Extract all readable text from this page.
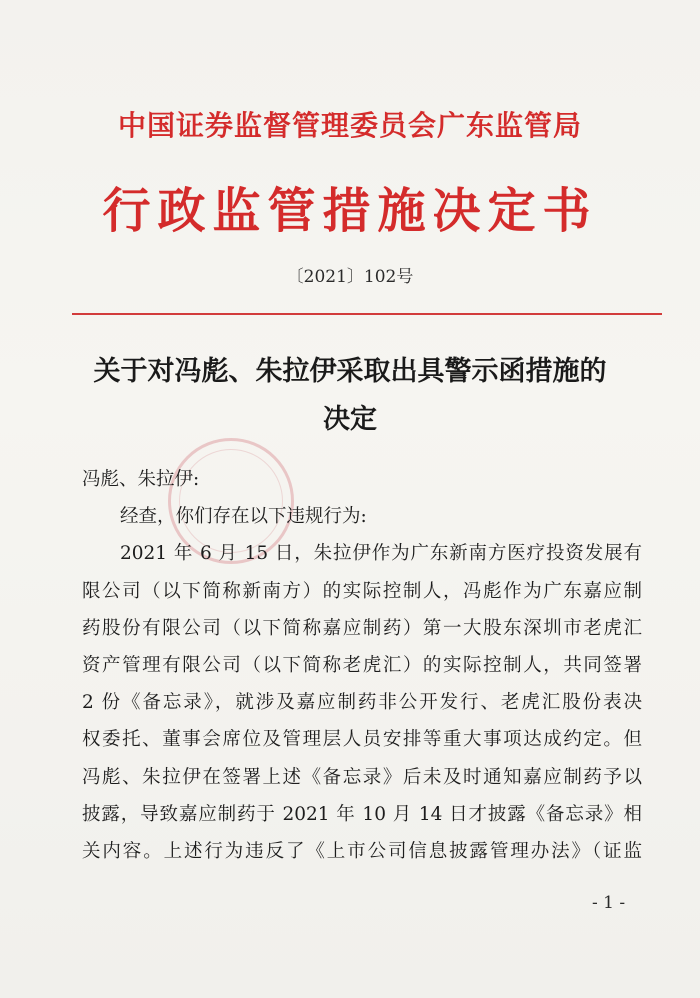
中国证券监督管理委员会广东监管局
行政监管措施决定书
〔2021〕102号
关于对冯彪、朱拉伊采取出具警示函措施的
决定

冯彪、朱拉伊:

经查，你们存在以下违规行为:

2021 年 6 月 15 日，朱拉伊作为广东新南方医疗投资发展有
限公司（以下简称新南方）的实际控制人，冯彪作为广东嘉应制
药股份有限公司（以下简称嘉应制药）第一大股东深圳市老虎汇
资产管理有限公司（以下简称老虎汇）的实际控制人，共同签署
2 份《备忘录》，就涉及嘉应制药非公开发行、老虎汇股份表决
权委托、董事会席位及管理层人员安排等重大事项达成约定。但
冯彪、朱拉伊在签署上述《备忘录》后未及时通知嘉应制药予以
披露，导致嘉应制药于 2021 年 10 月 14 日才披露《备忘录》相
关内容。上述行为违反了《上市公司信息披露管理办法》（证监

- 1 -
